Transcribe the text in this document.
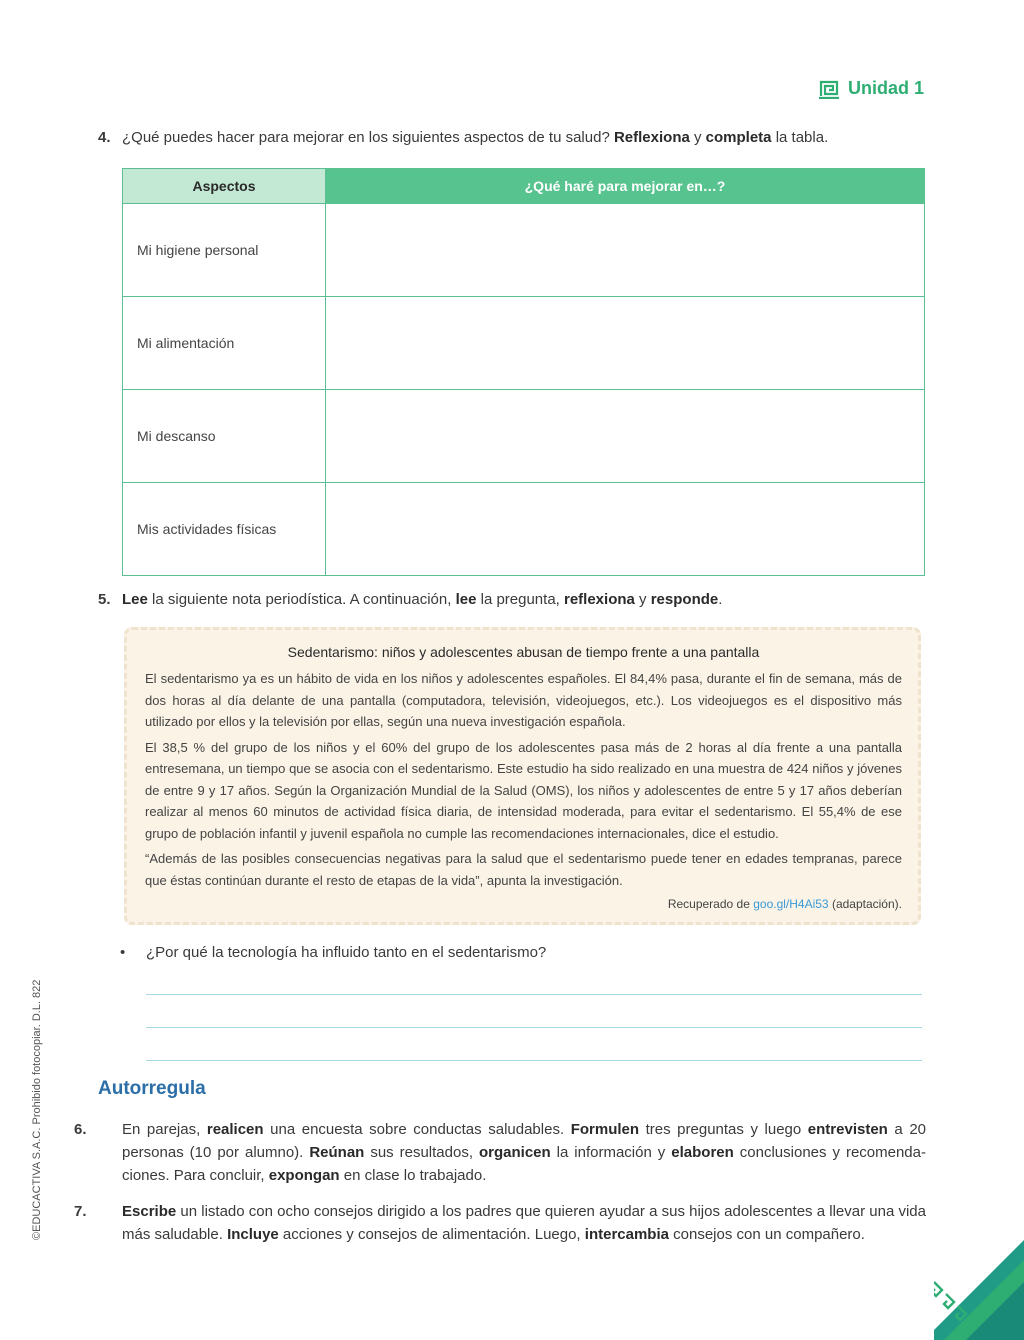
Unidad 1
4. ¿Qué puedes hacer para mejorar en los siguientes aspectos de tu salud? Reflexiona y completa la tabla.
Aspectos	¿Qué haré para mejorar en…?
Mi higiene personal	
Mi alimentación	
Mi descanso	
Mis actividades físicas	
5. Lee la siguiente nota periodística. A continuación, lee la pregunta, reflexiona y responde.
Sedentarismo: niños y adolescentes abusan de tiempo frente a una pantalla

El sedentarismo ya es un hábito de vida en los niños y adolescentes españoles. El 84,4% pasa, durante el fin de semana, más de dos horas al día delante de una pantalla (computadora, televisión, videojuegos, etc.). Los videojuegos es el dispositivo más utilizado por ellos y la televisión por ellas, según una nueva investigación española.

El 38,5 % del grupo de los niños y el 60% del grupo de los adolescentes pasa más de 2 horas al día frente a una pantalla entresemana, un tiempo que se asocia con el sedentarismo. Este estudio ha sido realizado en una muestra de 424 niños y jóvenes de entre 9 y 17 años. Según la Organización Mundial de la Salud (OMS), los niños y adolescentes de entre 5 y 17 años deberían realizar al menos 60 minutos de actividad física diaria, de intensidad moderada, para evitar el sedentarismo. El 55,4% de ese grupo de población infantil y juvenil española no cumple las recomendaciones internacionales, dice el estudio.

“Además de las posibles consecuencias negativas para la salud que el sedentarismo puede tener en edades tempranas, parece que éstas continúan durante el resto de etapas de la vida”, apunta la investigación.

Recuperado de goo.gl/H4Ai53 (adaptación).
• ¿Por qué la tecnología ha influido tanto en el sedentarismo?
Autorregula
6. En parejas, realicen una encuesta sobre conductas saludables. Formulen tres preguntas y luego entrevisten a 20 personas (10 por alumno). Reúnan sus resultados, organicen la información y elaboren conclusiones y recomendaciones. Para concluir, expongan en clase lo trabajado.
7. Escribe un listado con ocho consejos dirigido a los padres que quieren ayudar a sus hijos adolescentes a llevar una vida más saludable. Incluye acciones y consejos de alimentación. Luego, intercambia consejos con un compañero.
©EDUCACTIVA S.A.C. Prohibido fotocopiar. D.L. 822
13
